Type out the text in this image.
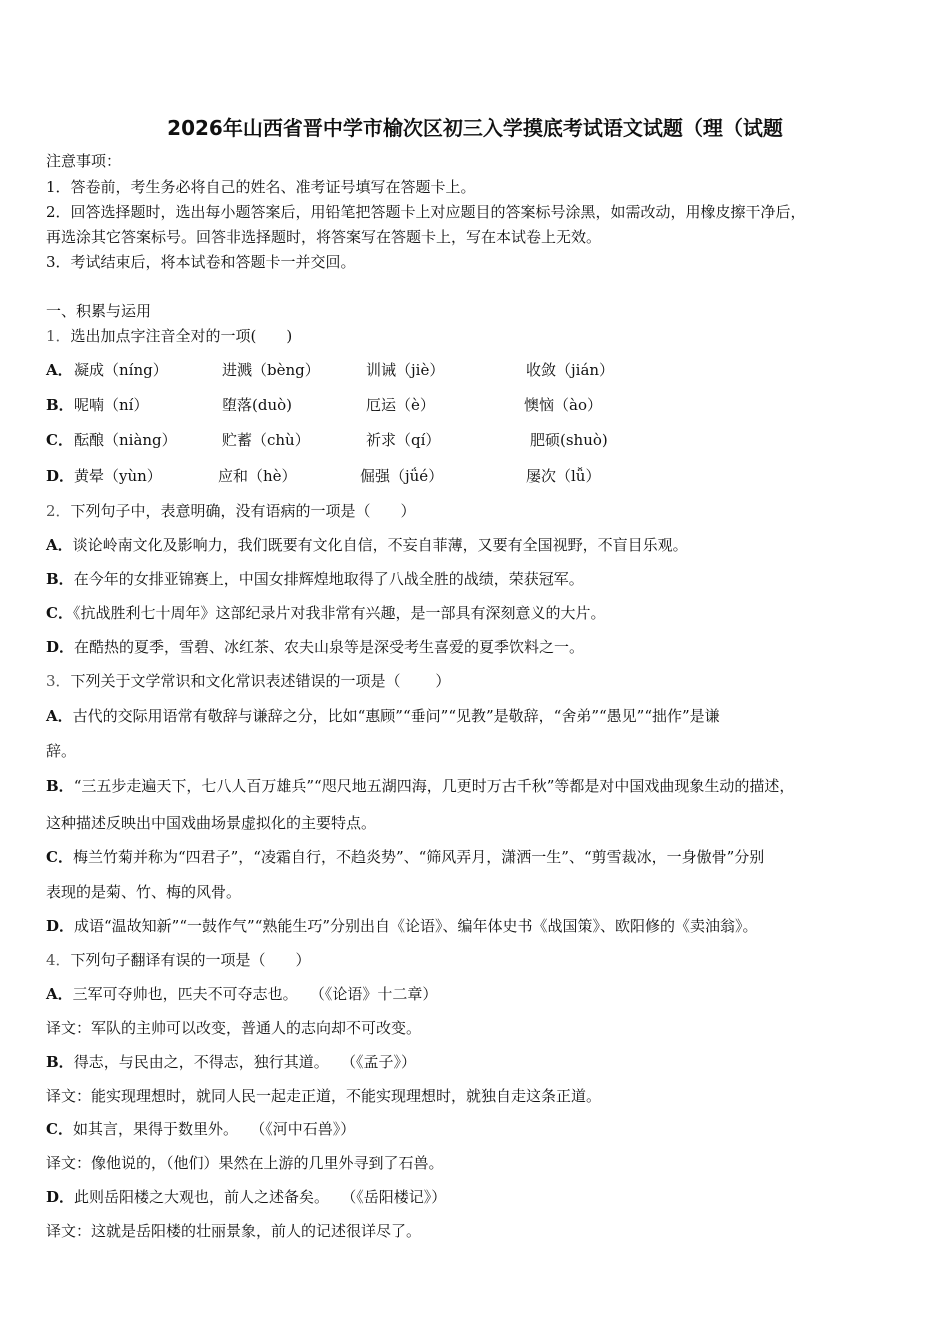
2026年山西省晋中学市榆次区初三入学摸底考试语文试题（理（试题
注意事项：
1．答卷前，考生务必将自己的姓名、准考证号填写在答题卡上。
2．回答选择题时，选出每小题答案后，用铅笔把答题卡上对应题目的答案标号涂黑，如需改动，用橡皮擦干净后，
再选涂其它答案标号。回答非选择题时，将答案写在答题卡上，写在本试卷上无效。
3．考试结束后，将本试卷和答题卡一并交回。
一、积累与运用
1．选出加点字注音全对的一项(　　)
A． 凝成（níng）	进溅（bèng）	训诫（jiè）	收敛（jián）
B． 呢喃（ní）	堕落(duò)	厄运（è）	懊恼（ào）
C． 酝酿（niàng）	贮蓄（chù）	祈求（qí）	肥硕(shuò)
D． 黄晕（yùn）	应和（hè）	倔强（jǘé）	屡次（lǚ）
2．下列句子中，表意明确，没有语病的一项是（　　）
A．谈论岭南文化及影响力，我们既要有文化自信，不妄自菲薄，又要有全国视野，不盲目乐观。
B．在今年的女排亚锦赛上，中国女排辉煌地取得了八战全胜的战绩，荣获冠军。
C．《抗战胜利七十周年》这部纪录片对我非常有兴趣，是一部具有深刻意义的大片。
D．在酷热的夏季，雪碧、冰红茶、农夫山泉等是深受考生喜爱的夏季饮料之一。
3．下列关于文学常识和文化常识表述错误的一项是（　　 ）
A．古代的交际用语常有敬辞与谦辞之分，比如“惠顾”“垂问”“见教”是敬辞，“舍弟”“愚见”“拙作”是谦
辞。
B．“三五步走遍天下，七八人百万雄兵”“咫尺地五湖四海，几更时万古千秋”等都是对中国戏曲现象生动的描述，
这种描述反映出中国戏曲场景虚拟化的主要特点。
C．梅兰竹菊并称为“四君子”，“凌霜自行，不趋炎势”、“筛风弄月，潇洒一生”、“剪雪裁冰，一身傲骨”分别
表现的是菊、竹、梅的风骨。
D．成语“温故知新”“一鼓作气”“熟能生巧”分别出自《论语》、编年体史书《战国策》、欧阳修的《卖油翁》。
4．下列句子翻译有误的一项是（　　）
A．三军可夺帅也，匹夫不可夺志也。　 （《论语》十二章）
译文：军队的主帅可以改变，普通人的志向却不可改变。
B．得志，与民由之，不得志，独行其道。　 （《孟子》）
译文：能实现理想时，就同人民一起走正道，不能实现理想时，就独自走这条正道。
C．如其言，果得于数里外。　 （《河中石兽》）
译文：像他说的，（他们）果然在上游的几里外寻到了石兽。
D．此则岳阳楼之大观也，前人之述备矣。　 （《岳阳楼记》）
译文：这就是岳阳楼的壮丽景象，前人的记述很详尽了。
